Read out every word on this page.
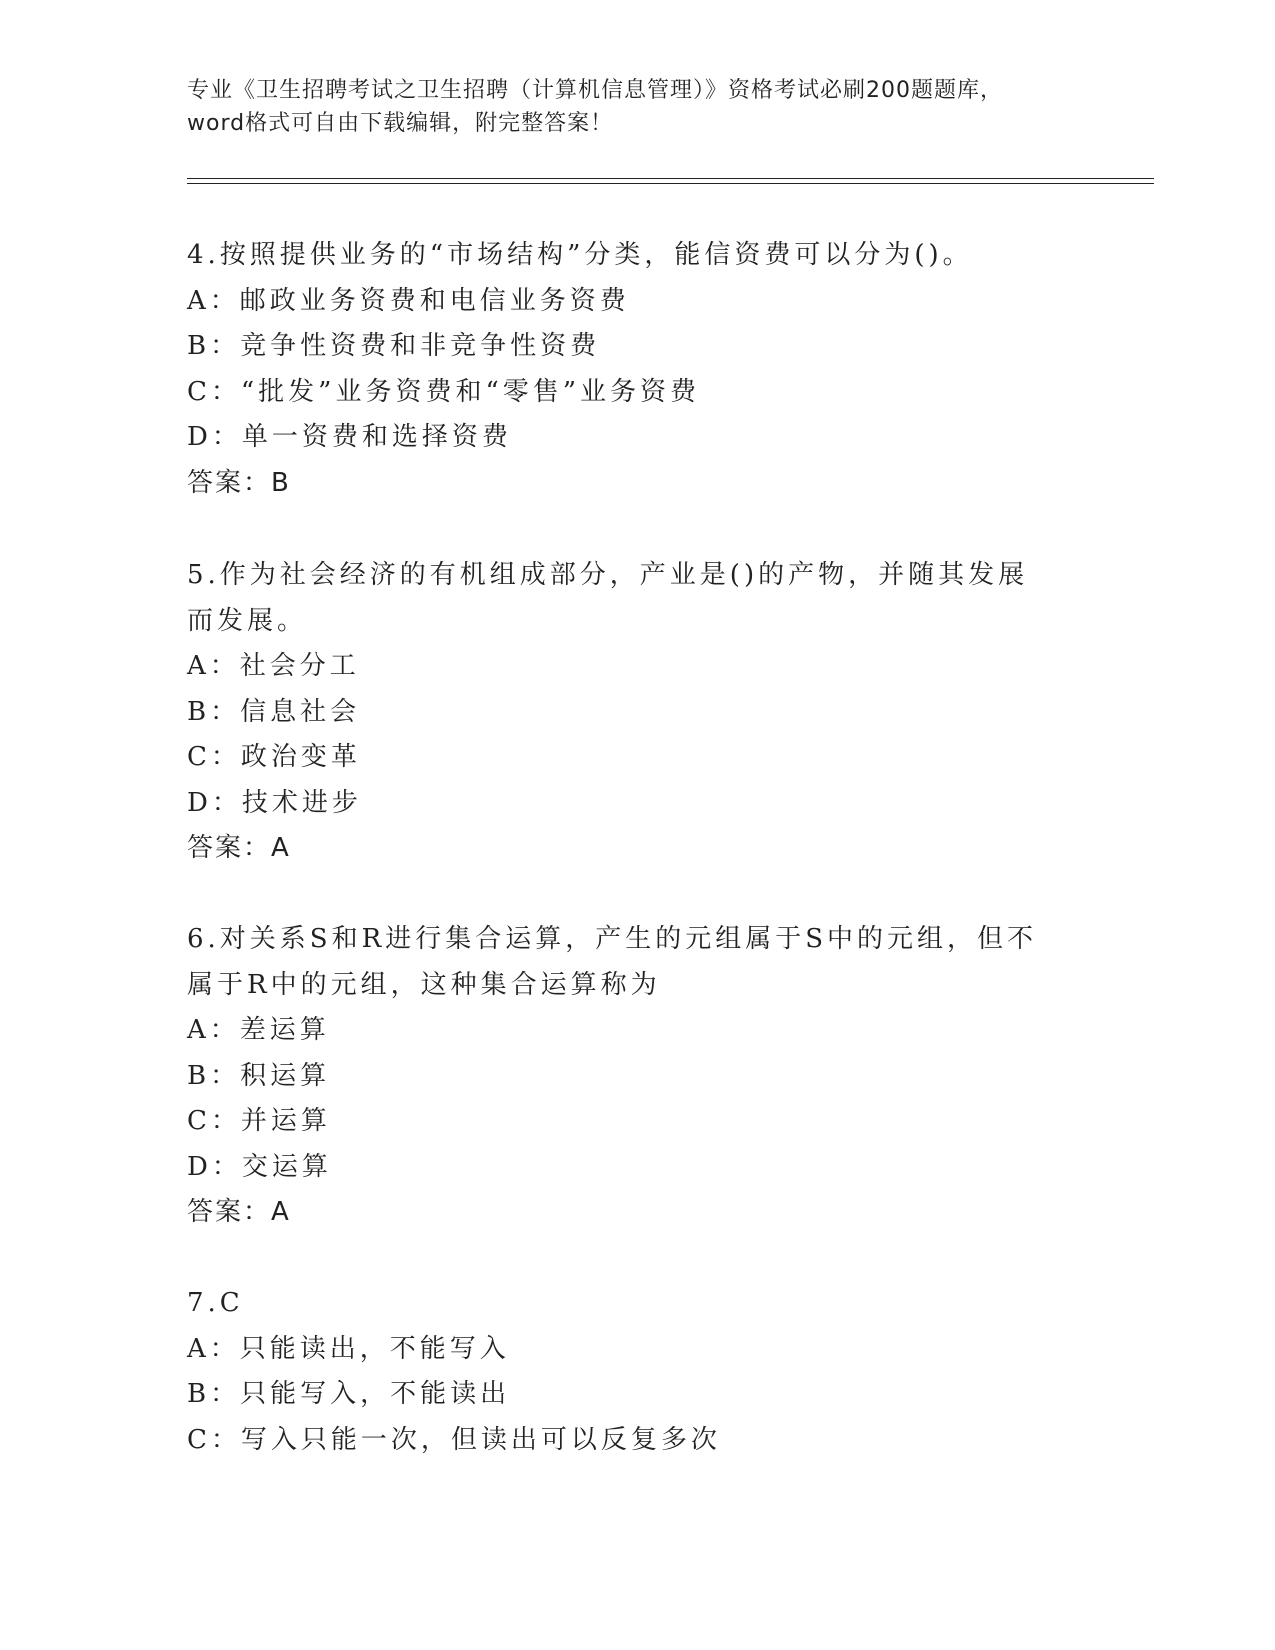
专业《卫生招聘考试之卫生招聘（计算机信息管理）》资格考试必刷200题题库，
word格式可自由下载编辑，附完整答案！
4.按照提供业务的“市场结构”分类，能信资费可以分为()。
A：邮政业务资费和电信业务资费
B：竞争性资费和非竞争性资费
C：“批发”业务资费和“零售”业务资费
D：单一资费和选择资费
答案：B
5.作为社会经济的有机组成部分，产业是()的产物，并随其发展而发展。
A：社会分工
B：信息社会
C：政治变革
D：技术进步
答案：A
6.对关系S和R进行集合运算，产生的元组属于S中的元组，但不属于R中的元组，这种集合运算称为
A：差运算
B：积运算
C：并运算
D：交运算
答案：A
7.C
A：只能读出，不能写入
B：只能写入，不能读出
C：写入只能一次，但读出可以反复多次
